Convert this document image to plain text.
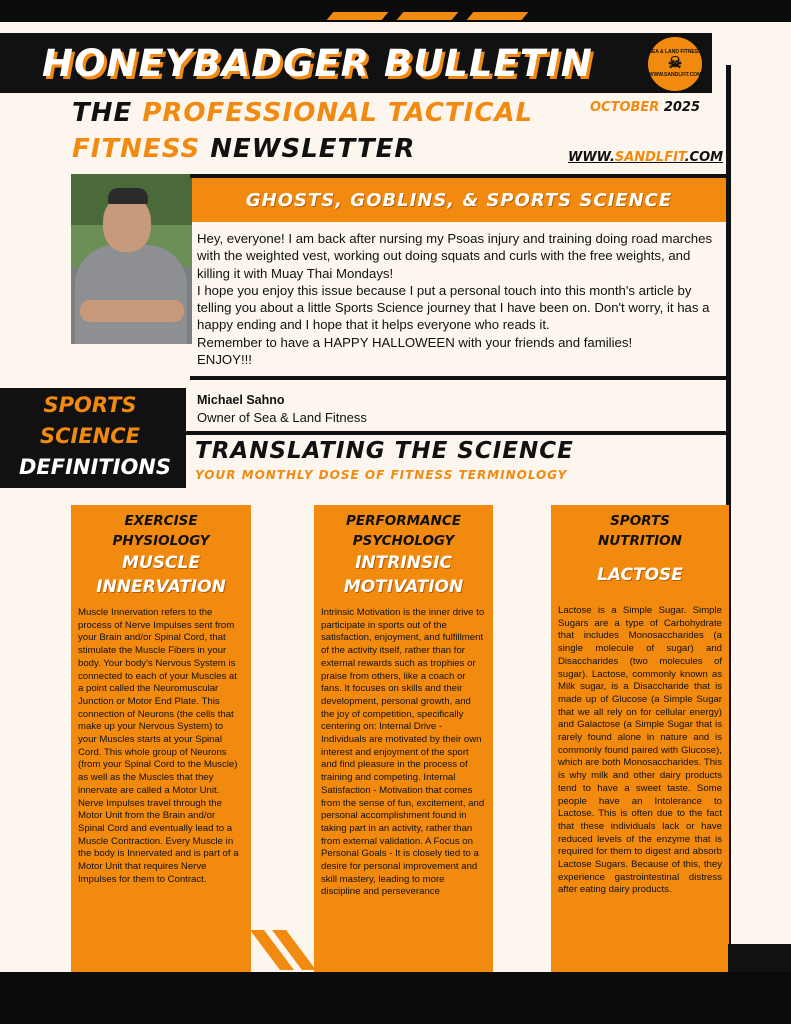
HONEYBADGER BULLETIN	SEA & LAND FITNESS
☠
WWW.SANDLFIT.COM
THE PROFESSIONAL TACTICAL
FITNESS NEWSLETTER
OCTOBER 2025
WWW.SANDLFIT.COM
GHOSTS, GOBLINS, & SPORTS SCIENCE

Hey, everyone! I am back after nursing my Psoas injury and training doing road marches with the weighted vest, working out doing squats and curls with the free weights, and killing it with Muay Thai Mondays!

I hope you enjoy this issue because I put a personal touch into this month's article by telling you about a little Sports Science journey that I have been on. Don't worry, it has a happy ending and I hope that it helps everyone who reads it.

Remember to have a HAPPY HALLOWEEN with your friends and families!

ENJOY!!!

SPORTS
SCIENCE
DEFINITIONS
Michael Sahno
Owner of Sea & Land Fitness
TRANSLATING THE SCIENCE
YOUR MONTHLY DOSE OF FITNESS TERMINOLOGY
EXERCISE
PHYSIOLOGY
MUSCLE
INNERVATION
Muscle Innervation refers to the process of Nerve Impulses sent from your Brain and/or Spinal Cord, that stimulate the Muscle Fibers in your body. Your body's Nervous System is connected to each of your Muscles at a point called the Neuromuscular Junction or Motor End Plate. This connection of Neurons (the cells that make up your Nervous System) to your Muscles starts at your Spinal Cord. This whole group of Neurons (from your Spinal Cord to the Muscle) as well as the Muscles that they innervate are called a Motor Unit. Nerve Impulses travel through the Motor Unit from the Brain and/or Spinal Cord and eventually lead to a Muscle Contraction. Every Muscle in the body is Innervated and is part of a Motor Unit that requires Nerve Impulses for them to Contract.
PERFORMANCE
PSYCHOLOGY
INTRINSIC
MOTIVATION
Intrinsic Motivation is the inner drive to participate in sports out of the satisfaction, enjoyment, and fulfillment of the activity itself, rather than for external rewards such as trophies or praise from others, like a coach or fans. It focuses on skills and their development, personal growth, and the joy of competition, specifically centering on: Internal Drive - Individuals are motivated by their own interest and enjoyment of the sport and find pleasure in the process of training and competing. Internal Satisfaction - Motivation that comes from the sense of fun, excitement, and personal accomplishment found in taking part in an activity, rather than from external validation. A Focus on Personal Goals - It is closely tied to a desire for personal improvement and skill mastery, leading to more discipline and perseverance
SPORTS
NUTRITION
LACTOSE
Lactose is a Simple Sugar. Simple Sugars are a type of Carbohydrate that includes Monosaccharides (a single molecule of sugar) and Disaccharides (two molecules of sugar). Lactose, commonly known as Milk sugar, is a Disaccharide that is made up of Glucose (a Simple Sugar that we all rely on for cellular energy) and Galactose (a Simple Sugar that is rarely found alone in nature and is commonly found paired with Glucose), which are both Monosaccharides. This is why milk and other dairy products tend to have a sweet taste. Some people have an Intolerance to Lactose. This is often due to the fact that these individuals lack or have reduced levels of the enzyme that is required for them to digest and absorb Lactose Sugars. Because of this, they experience gastrointestinal distress after eating dairy products.
